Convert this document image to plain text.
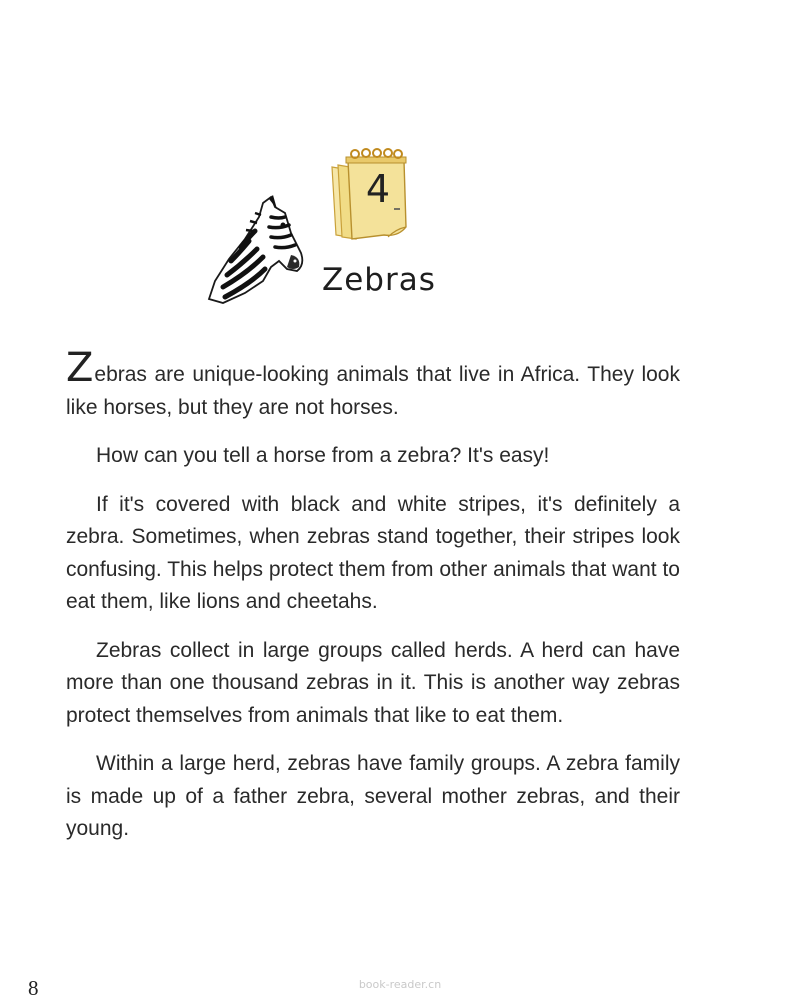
4
Zebras

Zebras are unique-looking animals that live in Africa. They look like horses, but they are not horses.

How can you tell a horse from a zebra? It's easy!

If it's covered with black and white stripes, it's definitely a zebra. Sometimes, when zebras stand together, their stripes look confusing. This helps protect them from other animals that want to eat them, like lions and cheetahs.

Zebras collect in large groups called herds. A herd can have more than one thousand zebras in it. This is another way zebras protect themselves from animals that like to eat them.

Within a large herd, zebras have family groups. A zebra family is made up of a father zebra, several mother zebras, and their young.

8	book-reader.cn
